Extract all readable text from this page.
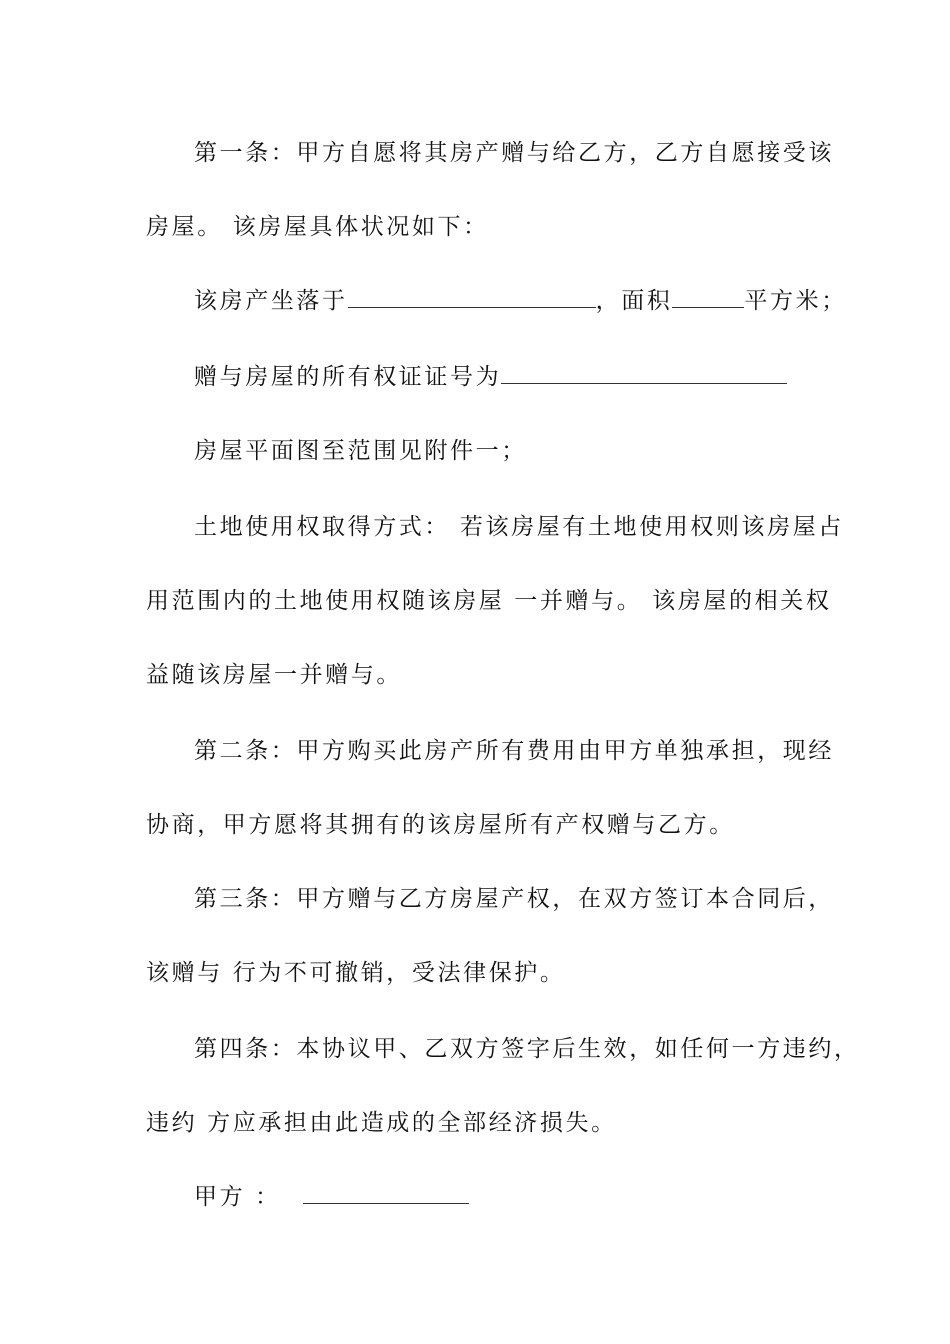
第一条：甲方自愿将其房产赠与给乙方，乙方自愿接受该
房屋。 该房屋具体状况如下：
该房产坐落于	，面积	平方米；
赠与房屋的所有权证证号为
房屋平面图至范围见附件一；
土地使用权取得方式： 若该房屋有土地使用权则该房屋占
用范围内的土地使用权随该房屋 一并赠与。 该房屋的相关权
益随该房屋一并赠与。
第二条：甲方购买此房产所有费用由甲方单独承担，现经
协商，甲方愿将其拥有的该房屋所有产权赠与乙方。
第三条：甲方赠与乙方房屋产权，在双方签订本合同后，
该赠与 行为不可撤销，受法律保护。
第四条：本协议甲、乙双方签字后生效，如任何一方违约，
违约 方应承担由此造成的全部经济损失。
甲方 ：
